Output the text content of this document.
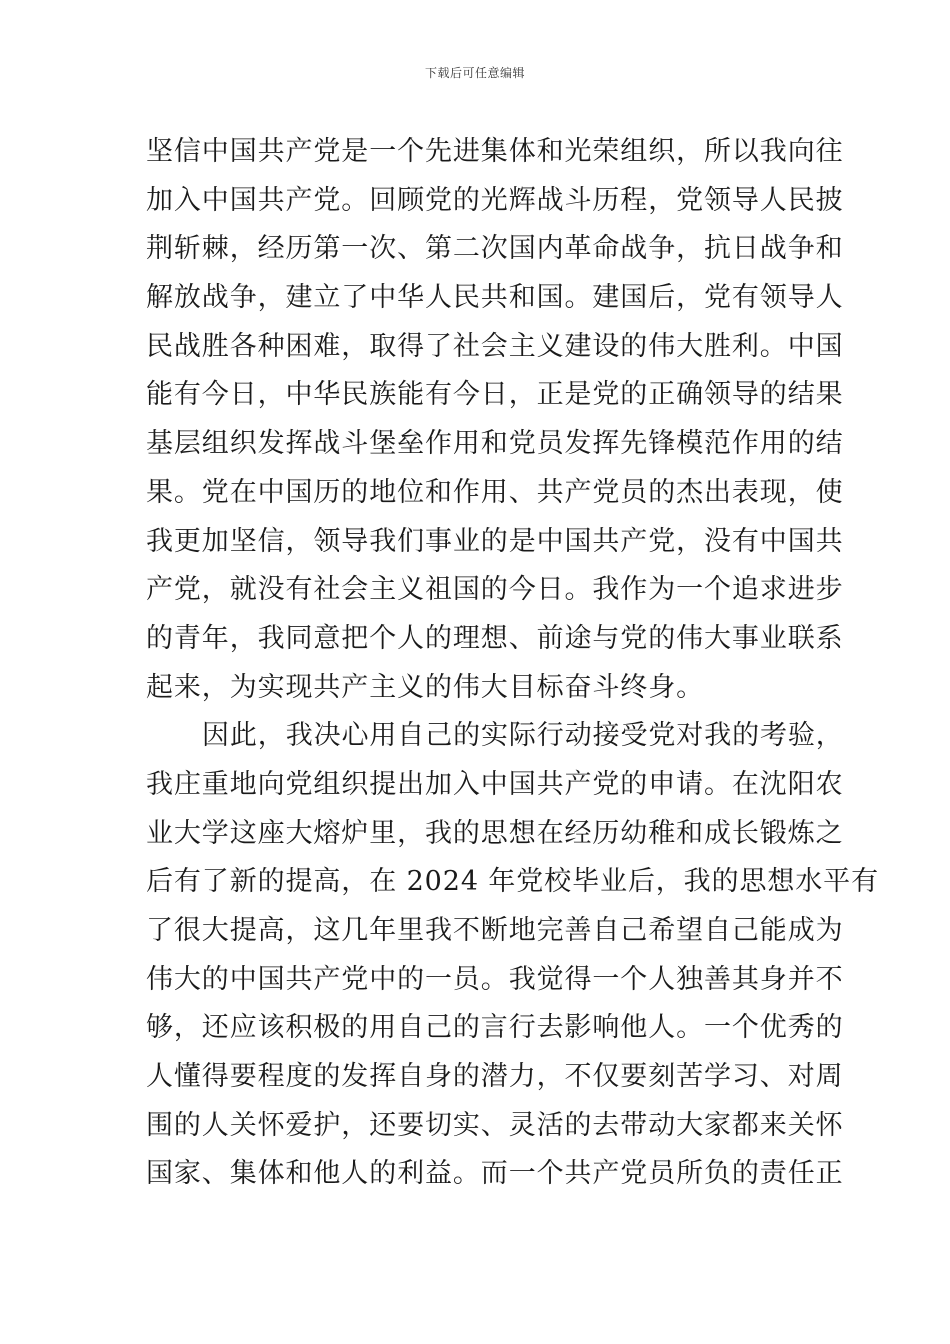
下载后可任意编辑
坚信中国共产党是一个先进集体和光荣组织，所以我向往
加入中国共产党。回顾党的光辉战斗历程，党领导人民披
荆斩棘，经历第一次、第二次国内革命战争，抗日战争和
解放战争，建立了中华人民共和国。建国后，党有领导人
民战胜各种困难，取得了社会主义建设的伟大胜利。中国
能有今日，中华民族能有今日，正是党的正确领导的结果
基层组织发挥战斗堡垒作用和党员发挥先锋模范作用的结
果。党在中国历的地位和作用、共产党员的杰出表现，使
我更加坚信，领导我们事业的是中国共产党，没有中国共
产党，就没有社会主义祖国的今日。我作为一个追求进步
的青年，我同意把个人的理想、前途与党的伟大事业联系
起来，为实现共产主义的伟大目标奋斗终身。
因此，我决心用自己的实际行动接受党对我的考验，
我庄重地向党组织提出加入中国共产党的申请。在沈阳农
业大学这座大熔炉里，我的思想在经历幼稚和成长锻炼之
后有了新的提高，在 2024 年党校毕业后，我的思想水平有
了很大提高，这几年里我不断地完善自己希望自己能成为
伟大的中国共产党中的一员。我觉得一个人独善其身并不
够，还应该积极的用自己的言行去影响他人。一个优秀的
人懂得要程度的发挥自身的潜力，不仅要刻苦学习、对周
围的人关怀爱护，还要切实、灵活的去带动大家都来关怀
国家、集体和他人的利益。而一个共产党员所负的责任正
